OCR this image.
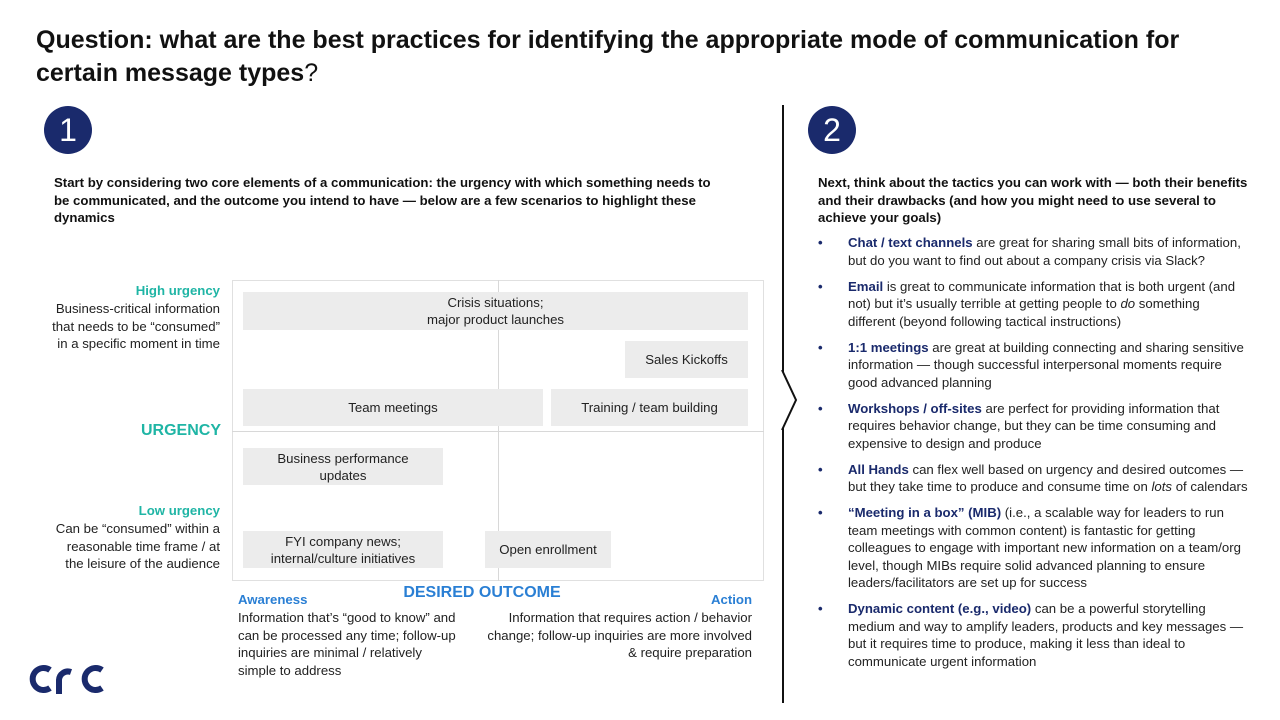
Question: what are the best practices for identifying the appropriate mode of communication for certain message types?
1
Start by considering two core elements of a communication: the urgency with which something needs to be communicated, and the outcome you intend to have — below are a few scenarios to highlight these dynamics
High urgency
Business-critical information that needs to be “consumed” in a specific moment in time
URGENCY
Low urgency
Can be “consumed” within a reasonable time frame / at the leisure of the audience
Crisis situations;
major product launches
Sales Kickoffs
Team meetings	Training / team building
Business performance
updates
FYI company news;
internal/culture initiatives
Open enrollment
DESIRED OUTCOME
Awareness
Information that’s “good to know” and can be processed any time; follow-up inquiries are minimal / relatively simple to address
Action
Information that requires action / behavior change; follow-up inquiries are more involved & require preparation
2
Next, think about the tactics you can work with — both their benefits and their drawbacks (and how you might need to use several to achieve your goals)
• Chat / text channels are great for sharing small bits of information, but do you want to find out about a company crisis via Slack?
• Email is great to communicate information that is both urgent (and not) but it’s usually terrible at getting people to do something different (beyond following tactical instructions)
• 1:1 meetings are great at building connecting and sharing sensitive information — though successful interpersonal moments require good advanced planning
• Workshops / off-sites are perfect for providing information that requires behavior change, but they can be time consuming and expensive to design and produce
• All Hands can flex well based on urgency and desired outcomes — but they take time to produce and consume time on lots of calendars
• “Meeting in a box” (MIB) (i.e., a scalable way for leaders to run team meetings with common content) is fantastic for getting colleagues to engage with important new information on a team/org level, though MIBs require solid advanced planning to ensure leaders/facilitators are set up for success
• Dynamic content (e.g., video) can be a powerful storytelling medium and way to amplify leaders, products and key messages — but it requires time to produce, making it less than ideal to communicate urgent information
